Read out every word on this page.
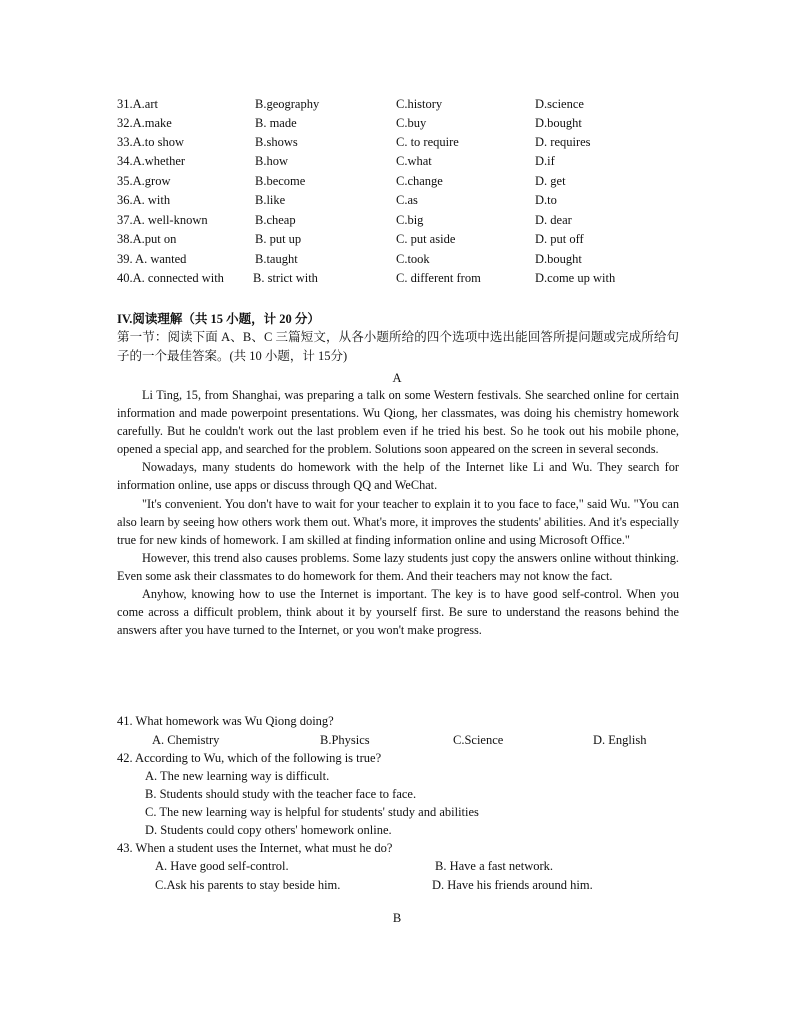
31.A.art	B.geography	C.history	D.science
32.A.make	B. made	C.buy	D.bought
33.A.to show	B.shows	C. to require	D. requires
34.A.whether	B.how	C.what	D.if
35.A.grow	B.become	C.change	D. get
36.A. with	B.like	C.as	D.to
37.A. well-known	B.cheap	C.big	D. dear
38.A.put on	B. put up	C. put aside	D. put off
39. A. wanted	B.taught	C.took	D.bought
40.A. connected with B. strict with	C. different from	D.come up with
IV.阅读理解（共 15 小题，计 20 分）
第一节：阅读下面 A、B、C 三篇短文，从各小题所给的四个选项中选出能回答所提问题或完成所给句子的一个最佳答案。(共 10 小题，计 15分)
A

Li Ting, 15, from Shanghai, was preparing a talk on some Western festivals. She searched online for certain information and made powerpoint presentations. Wu Qiong, her classmates, was doing his chemistry homework carefully. But he couldn't work out the last problem even if he tried his best. So he took out his mobile phone, opened a special app, and searched for the problem. Solutions soon appeared on the screen in several seconds.

Nowadays, many students do homework with the help of the Internet like Li and Wu. They search for information online, use apps or discuss through QQ and WeChat.

"It's convenient. You don't have to wait for your teacher to explain it to you face to face," said Wu. "You can also learn by seeing how others work them out. What's more, it improves the students' abilities. And it's especially true for new kinds of homework. I am skilled at finding information online and using Microsoft Office."

However, this trend also causes problems. Some lazy students just copy the answers online without thinking. Even some ask their classmates to do homework for them. And their teachers may not know the fact.

Anyhow, knowing how to use the Internet is important. The key is to have good self-control. When you come across a difficult problem, think about it by yourself first. Be sure to understand the reasons behind the answers after you have turned to the Internet, or you won't make progress.

41. What homework was Wu Qiong doing?
A. Chemistry	B.Physics	C.Science	D. English
42. According to Wu, which of the following is true?
A. The new learning way is difficult.
B. Students should study with the teacher face to face.
C. The new learning way is helpful for students' study and abilities
D. Students could copy others' homework online.
43. When a student uses the Internet, what must he do?
A. Have good self-control.	B. Have a fast network.
C.Ask his parents to stay beside him.	D. Have his friends around him.
B
